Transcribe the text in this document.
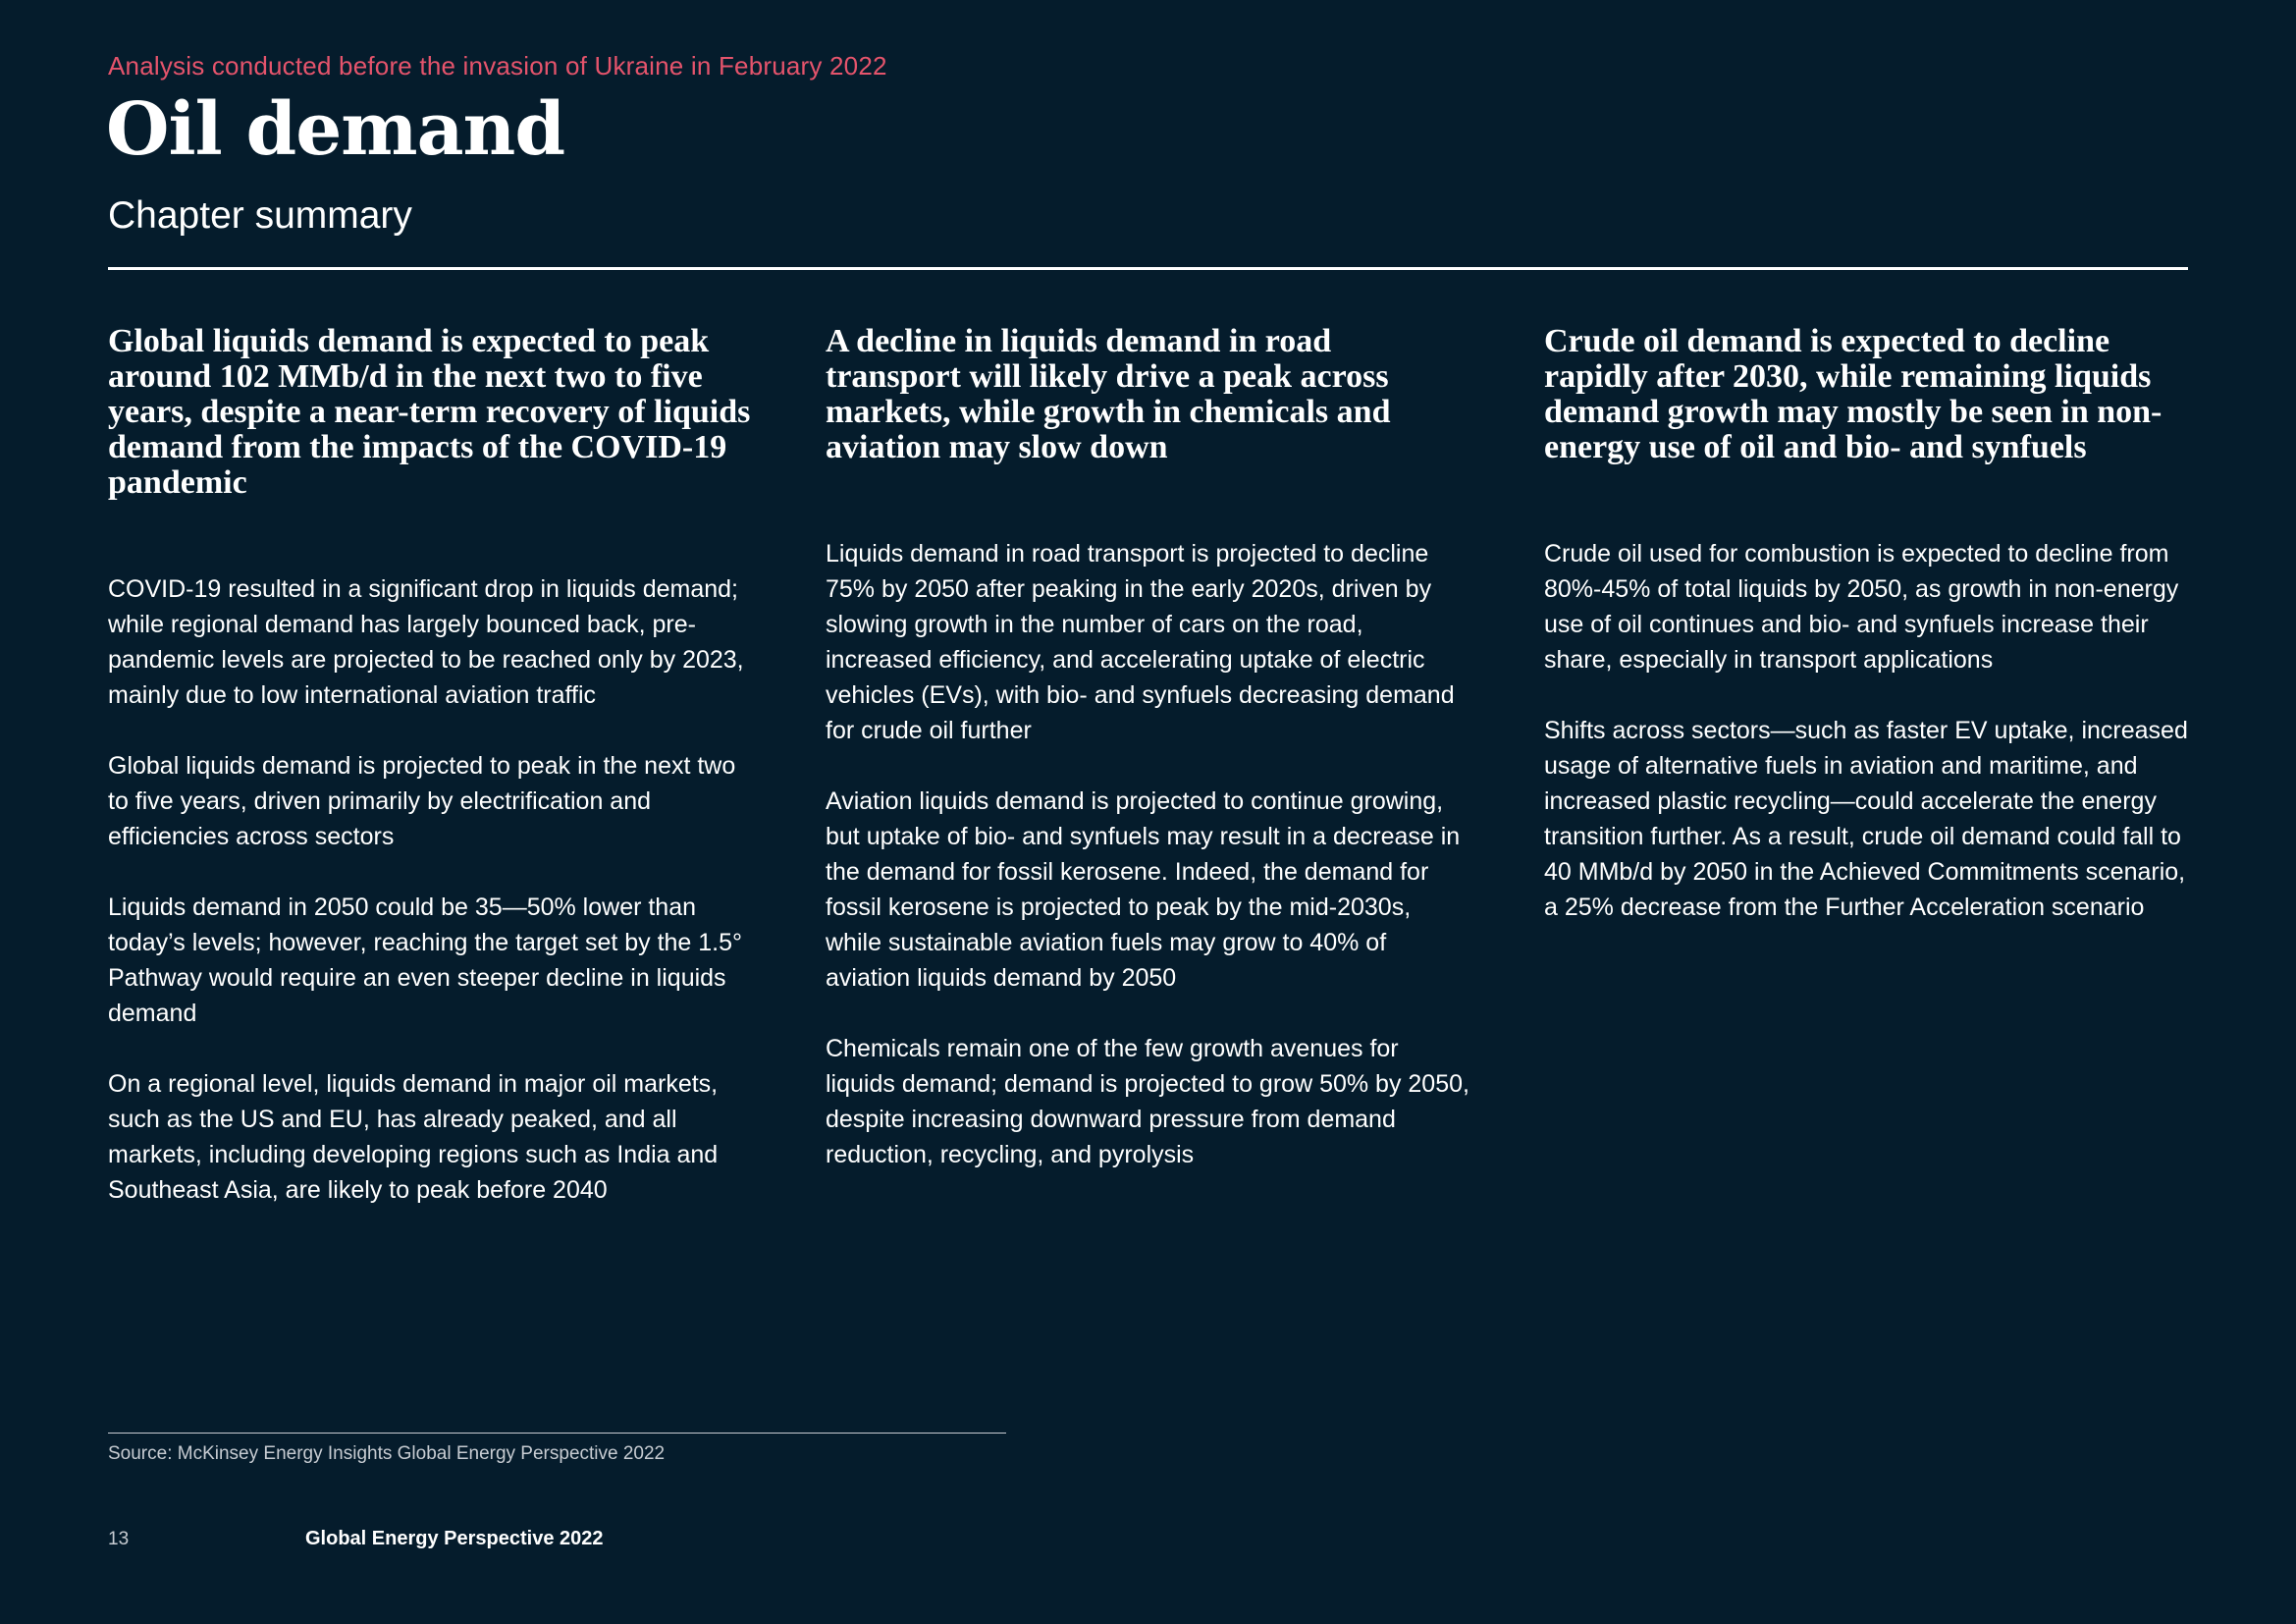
Analysis conducted before the invasion of Ukraine in February 2022
Oil demand
Chapter summary
Global liquids demand is expected to peak around 102 MMb/d in the next two to five years, despite a near-term recovery of liquids demand from the impacts of the COVID-19 pandemic

COVID-19 resulted in a significant drop in liquids demand; while regional demand has largely bounced back, pre-pandemic levels are projected to be reached only by 2023, mainly due to low international aviation traffic

Global liquids demand is projected to peak in the next two to five years, driven primarily by electrification and efficiencies across sectors

Liquids demand in 2050 could be 35—50% lower than today’s levels; however, reaching the target set by the 1.5° Pathway would require an even steeper decline in liquids demand

On a regional level, liquids demand in major oil markets, such as the US and EU, has already peaked, and all markets, including developing regions such as India and Southeast Asia, are likely to peak before 2040

A decline in liquids demand in road transport will likely drive a peak across markets, while growth in chemicals and aviation may slow down

Liquids demand in road transport is projected to decline 75% by 2050 after peaking in the early 2020s, driven by slowing growth in the number of cars on the road, increased efficiency, and accelerating uptake of electric vehicles (EVs), with bio- and synfuels decreasing demand for crude oil further

Aviation liquids demand is projected to continue growing, but uptake of bio- and synfuels may result in a decrease in the demand for fossil kerosene. Indeed, the demand for fossil kerosene is projected to peak by the mid-2030s, while sustainable aviation fuels may grow to 40% of aviation liquids demand by 2050

Chemicals remain one of the few growth avenues for liquids demand; demand is projected to grow 50% by 2050, despite increasing downward pressure from demand reduction, recycling, and pyrolysis

Crude oil demand is expected to decline rapidly after 2030, while remaining liquids demand growth may mostly be seen in non-energy use of oil and bio- and synfuels

Crude oil used for combustion is expected to decline from 80%-45% of total liquids by 2050, as growth in non-energy use of oil continues and bio- and synfuels increase their share, especially in transport applications

Shifts across sectors—such as faster EV uptake, increased usage of alternative fuels in aviation and maritime, and increased plastic recycling—could accelerate the energy transition further. As a result, crude oil demand could fall to 40 MMb/d by 2050 in the Achieved Commitments scenario, a 25% decrease from the Further Acceleration scenario

Source: McKinsey Energy Insights Global Energy Perspective 2022
13	Global Energy Perspective 2022
